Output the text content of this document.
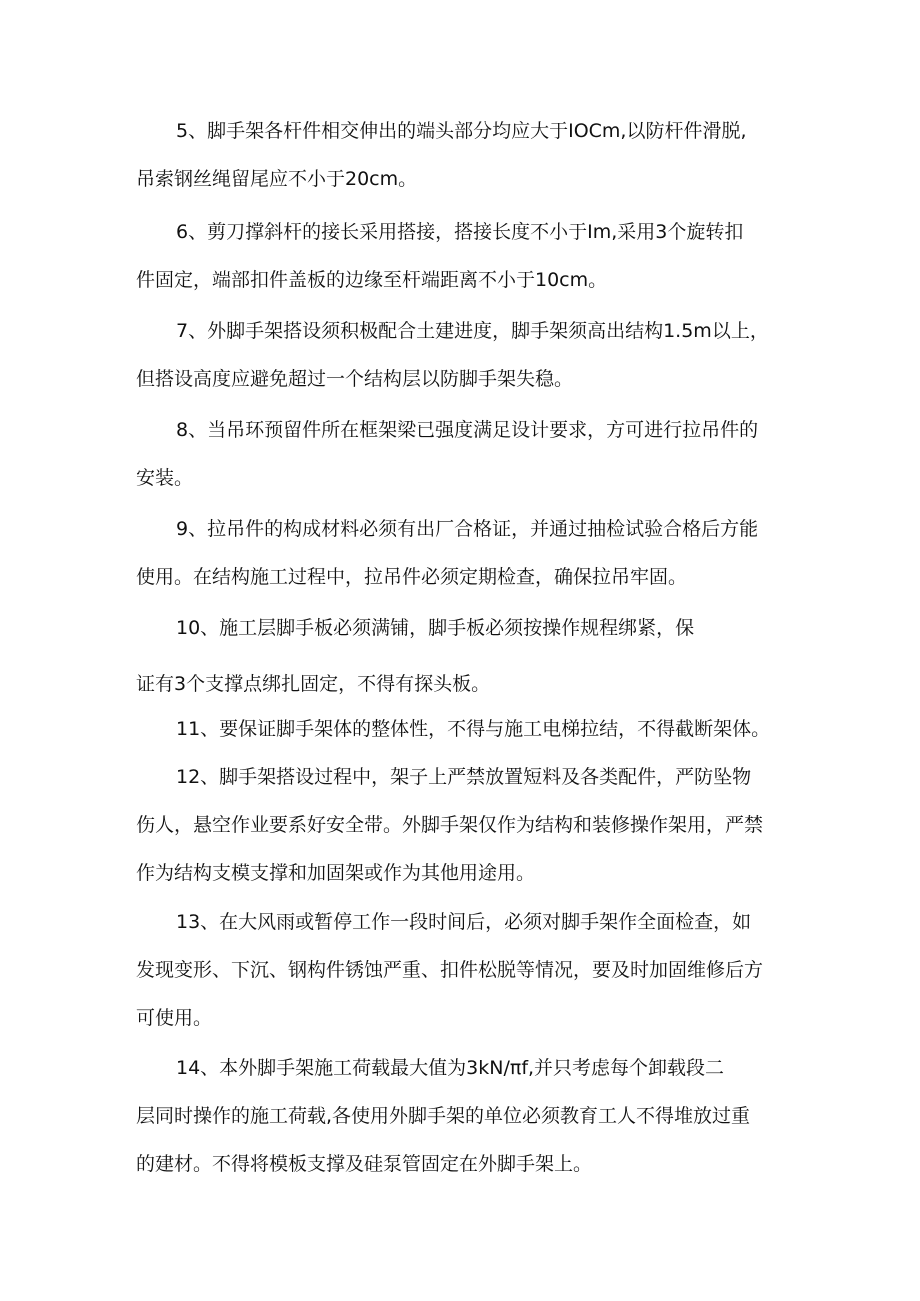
5、脚手架各杆件相交伸出的端头部分均应大于IOCm,以防杆件滑脱,
吊索钢丝绳留尾应不小于20cm。
6、剪刀撑斜杆的接长采用搭接，搭接长度不小于Im,采用3个旋转扣
件固定，端部扣件盖板的边缘至杆端距离不小于10cm。
7、外脚手架搭设须积极配合土建进度，脚手架须高出结构1.5m以上，
但搭设高度应避免超过一个结构层以防脚手架失稳。
8、当吊环预留件所在框架梁已强度满足设计要求，方可进行拉吊件的
安装。
9、拉吊件的构成材料必须有出厂合格证，并通过抽检试验合格后方能
使用。在结构施工过程中，拉吊件必须定期检查，确保拉吊牢固。
10、施工层脚手板必须满铺，脚手板必须按操作规程绑紧，保
证有3个支撑点绑扎固定，不得有探头板。
11、要保证脚手架体的整体性，不得与施工电梯拉结，不得截断架体。
12、脚手架搭设过程中，架子上严禁放置短料及各类配件，严防坠物
伤人，悬空作业要系好安全带。外脚手架仅作为结构和装修操作架用，严禁
作为结构支模支撑和加固架或作为其他用途用。
13、在大风雨或暂停工作一段时间后，必须对脚手架作全面检查，如
发现变形、下沉、钢构件锈蚀严重、扣件松脱等情况，要及时加固维修后方
可使用。
14、本外脚手架施工荷载最大值为3kN/πf,并只考虑每个卸载段二
层同时操作的施工荷载,各使用外脚手架的单位必须教育工人不得堆放过重
的建材。不得将模板支撑及硅泵管固定在外脚手架上。
